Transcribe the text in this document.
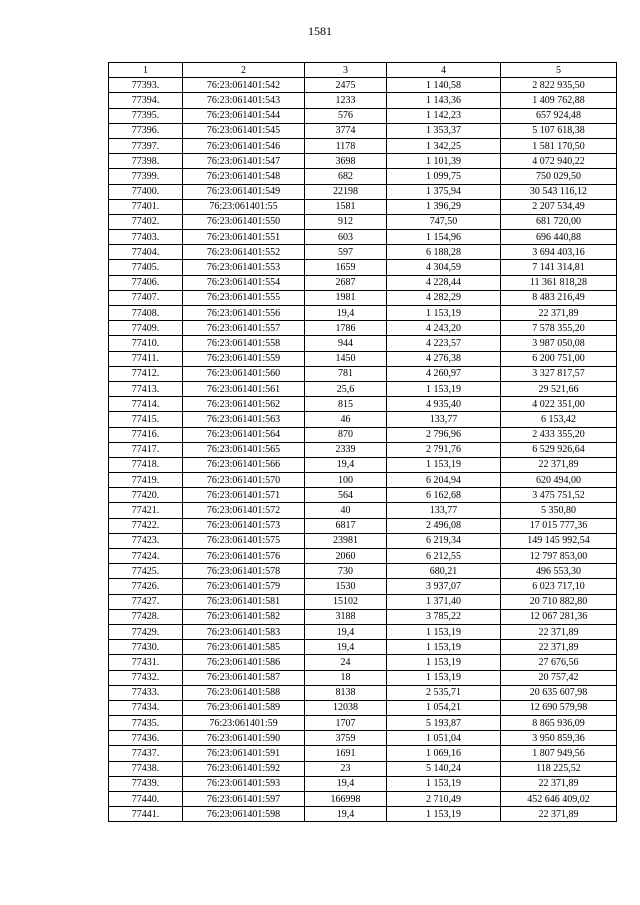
1581
1	2	3	4	5
77393.	76:23:061401:542	2475	1 140,58	2 822 935,50
77394.	76:23:061401:543	1233	1 143,36	1 409 762,88
77395.	76:23:061401:544	576	1 142,23	657 924,48
77396.	76:23:061401:545	3774	1 353,37	5 107 618,38
77397.	76:23:061401:546	1178	1 342,25	1 581 170,50
77398.	76:23:061401:547	3698	1 101,39	4 072 940,22
77399.	76:23:061401:548	682	1 099,75	750 029,50
77400.	76:23:061401:549	22198	1 375,94	30 543 116,12
77401.	76:23:061401:55	1581	1 396,29	2 207 534,49
77402.	76:23:061401:550	912	747,50	681 720,00
77403.	76:23:061401:551	603	1 154,96	696 440,88
77404.	76:23:061401:552	597	6 188,28	3 694 403,16
77405.	76:23:061401:553	1659	4 304,59	7 141 314,81
77406.	76:23:061401:554	2687	4 228,44	11 361 818,28
77407.	76:23:061401:555	1981	4 282,29	8 483 216,49
77408.	76:23:061401:556	19,4	1 153,19	22 371,89
77409.	76:23:061401:557	1786	4 243,20	7 578 355,20
77410.	76:23:061401:558	944	4 223,57	3 987 050,08
77411.	76:23:061401:559	1450	4 276,38	6 200 751,00
77412.	76:23:061401:560	781	4 260,97	3 327 817,57
77413.	76:23:061401:561	25,6	1 153,19	29 521,66
77414.	76:23:061401:562	815	4 935,40	4 022 351,00
77415.	76:23:061401:563	46	133,77	6 153,42
77416.	76:23:061401:564	870	2 796,96	2 433 355,20
77417.	76:23:061401:565	2339	2 791,76	6 529 926,64
77418.	76:23:061401:566	19,4	1 153,19	22 371,89
77419.	76:23:061401:570	100	6 204,94	620 494,00
77420.	76:23:061401:571	564	6 162,68	3 475 751,52
77421.	76:23:061401:572	40	133,77	5 350,80
77422.	76:23:061401:573	6817	2 496,08	17 015 777,36
77423.	76:23:061401:575	23981	6 219,34	149 145 992,54
77424.	76:23:061401:576	2060	6 212,55	12 797 853,00
77425.	76:23:061401:578	730	680,21	496 553,30
77426.	76:23:061401:579	1530	3 937,07	6 023 717,10
77427.	76:23:061401:581	15102	1 371,40	20 710 882,80
77428.	76:23:061401:582	3188	3 785,22	12 067 281,36
77429.	76:23:061401:583	19,4	1 153,19	22 371,89
77430.	76:23:061401:585	19,4	1 153,19	22 371,89
77431.	76:23:061401:586	24	1 153,19	27 676,56
77432.	76:23:061401:587	18	1 153,19	20 757,42
77433.	76:23:061401:588	8138	2 535,71	20 635 607,98
77434.	76:23:061401:589	12038	1 054,21	12 690 579,98
77435.	76:23:061401:59	1707	5 193,87	8 865 936,09
77436.	76:23:061401:590	3759	1 051,04	3 950 859,36
77437.	76:23:061401:591	1691	1 069,16	1 807 949,56
77438.	76:23:061401:592	23	5 140,24	118 225,52
77439.	76:23:061401:593	19,4	1 153,19	22 371,89
77440.	76:23:061401:597	166998	2 710,49	452 646 409,02
77441.	76:23:061401:598	19,4	1 153,19	22 371,89
